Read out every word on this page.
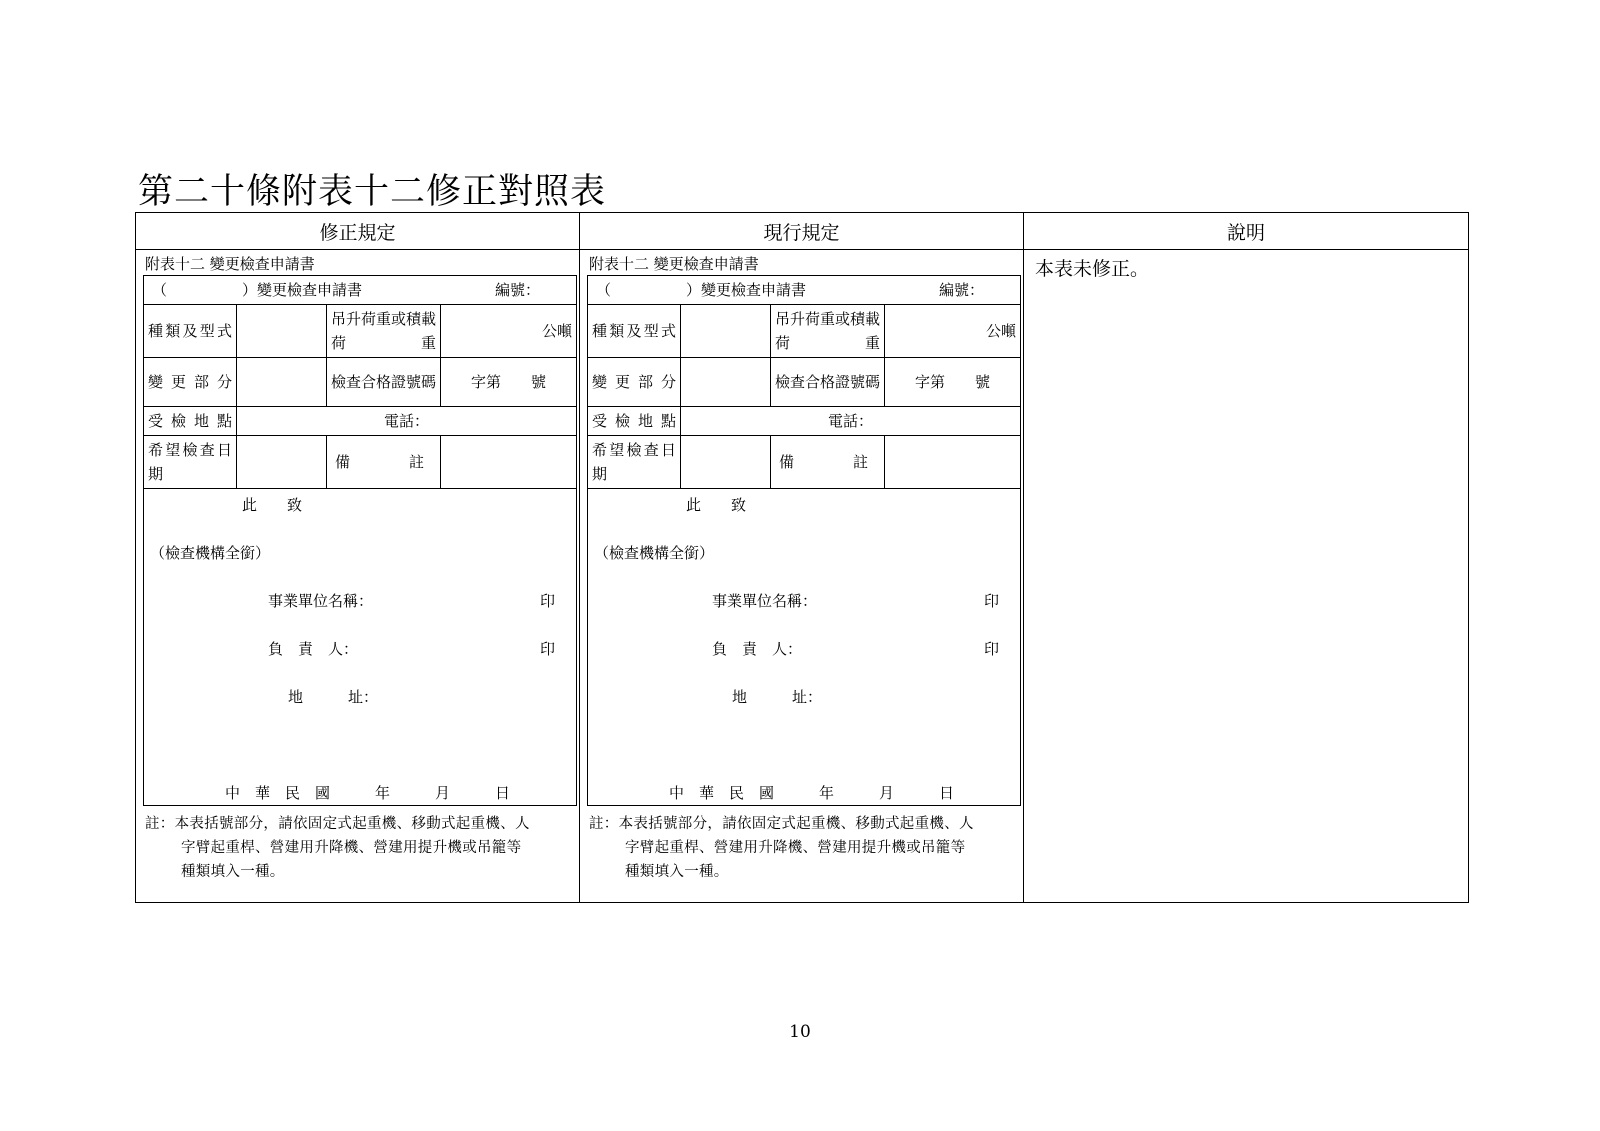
第二十條附表十二修正對照表
修正規定	現行規定	說明

附表十二 變更檢查申請書
（　　　　　）變更檢查申請書	編號：

種類及型式		吊升荷重或積載荷重	公噸
變更部分		檢查合格證號碼	字第　　號
受檢地點	電話：
希望檢查日期		備註	

此　　致
（檢查機構全銜）
事業單位名稱：	印
負　責　人：	印
地　　　址：
中　華　民　國　　　年　　　月　　　日
註：本表括號部分，請依固定式起重機、移動式起重機、人
字臂起重桿、營建用升降機、營建用提升機或吊籠等
種類填入一種。

附表十二 變更檢查申請書
（　　　　　）變更檢查申請書	編號：

種類及型式		吊升荷重或積載荷重	公噸
變更部分		檢查合格證號碼	字第　　號
受檢地點	電話：
希望檢查日期		備註	

此　　致
（檢查機構全銜）
事業單位名稱：	印
負　責　人：	印
地　　　址：
中　華　民　國　　　年　　　月　　　日
註：本表括號部分，請依固定式起重機、移動式起重機、人
字臂起重桿、營建用升降機、營建用提升機或吊籠等
種類填入一種。

本表未修正。
10
